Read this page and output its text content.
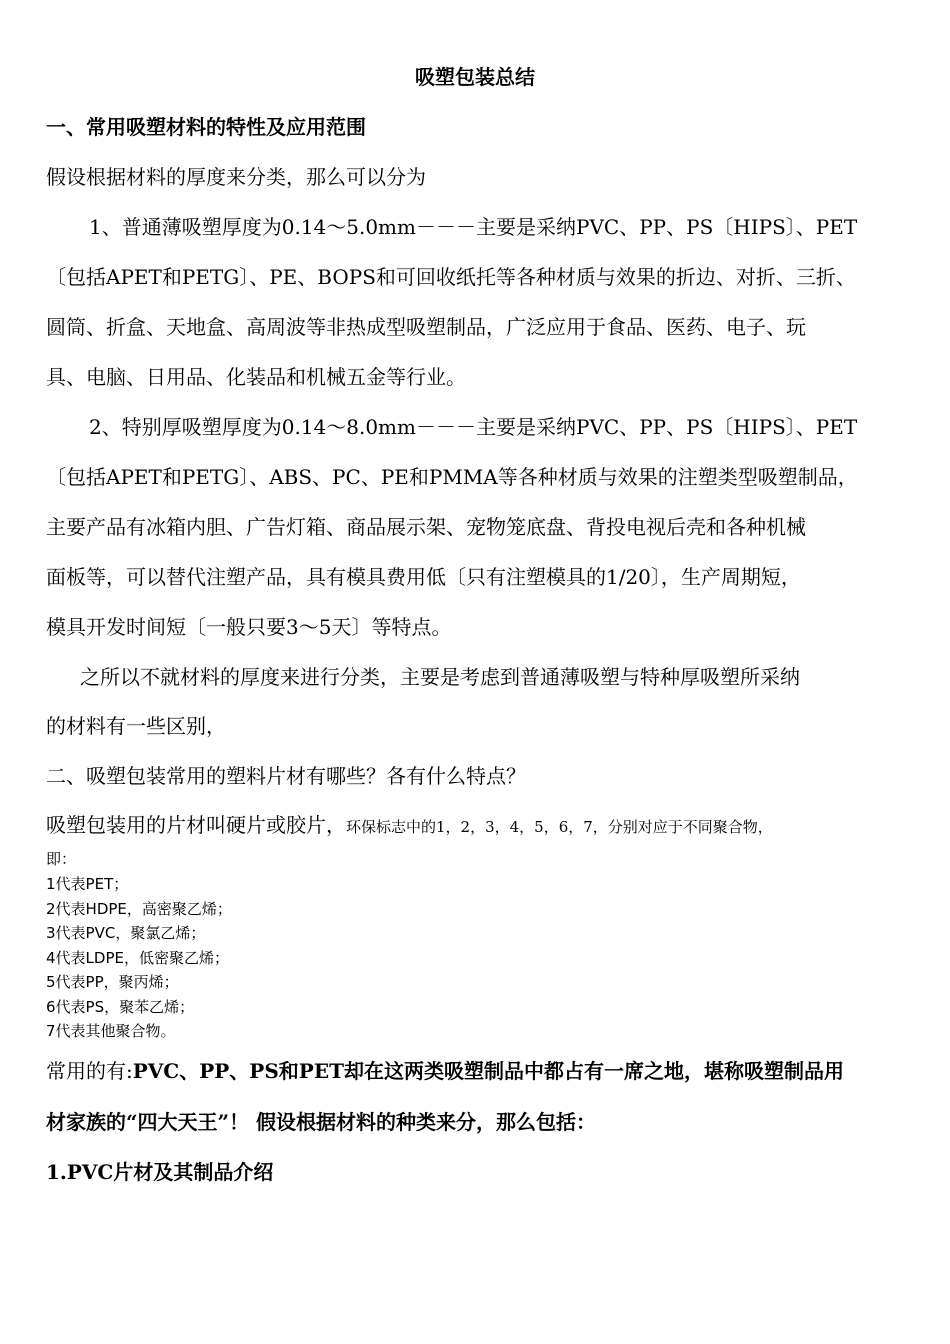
吸塑包装总结
一、常用吸塑材料的特性及应用范围
假设根据材料的厚度来分类，那么可以分为
1、普通薄吸塑厚度为0.14～5.0mm－－－主要是采纳PVC、PP、PS〔HIPS〕、PET
〔包括APET和PETG〕、PE、BOPS和可回收纸托等各种材质与效果的折边、对折、三折、
圆筒、折盒、天地盒、高周波等非热成型吸塑制品，广泛应用于食品、医药、电子、玩
具、电脑、日用品、化装品和机械五金等行业。
2、特别厚吸塑厚度为0.14～8.0mm－－－主要是采纳PVC、PP、PS〔HIPS〕、PET
〔包括APET和PETG〕、ABS、PC、PE和PMMA等各种材质与效果的注塑类型吸塑制品，
主要产品有冰箱内胆、广告灯箱、商品展示架、宠物笼底盘、背投电视后壳和各种机械
面板等，可以替代注塑产品，具有模具费用低〔只有注塑模具的1/20〕，生产周期短，
模具开发时间短〔一般只要3～5天〕等特点。
之所以不就材料的厚度来进行分类，主要是考虑到普通薄吸塑与特种厚吸塑所采纳
的材料有一些区别，
二、吸塑包装常用的塑料片材有哪些？各有什么特点？
吸塑包装用的片材叫硬片或胶片，环保标志中的1，2，3，4，5，6，7，分别对应于不同聚合物，
即：
1代表PET；
2代表HDPE，高密聚乙烯；
3代表PVC，聚氯乙烯；
4代表LDPE，低密聚乙烯；
5代表PP，聚丙烯；
6代表PS，聚苯乙烯；
7代表其他聚合物。
常用的有:PVC、PP、PS和PET却在这两类吸塑制品中都占有一席之地，堪称吸塑制品用
材家族的“四大天王”！ 假设根据材料的种类来分，那么包括：
1.PVC片材及其制品介绍
